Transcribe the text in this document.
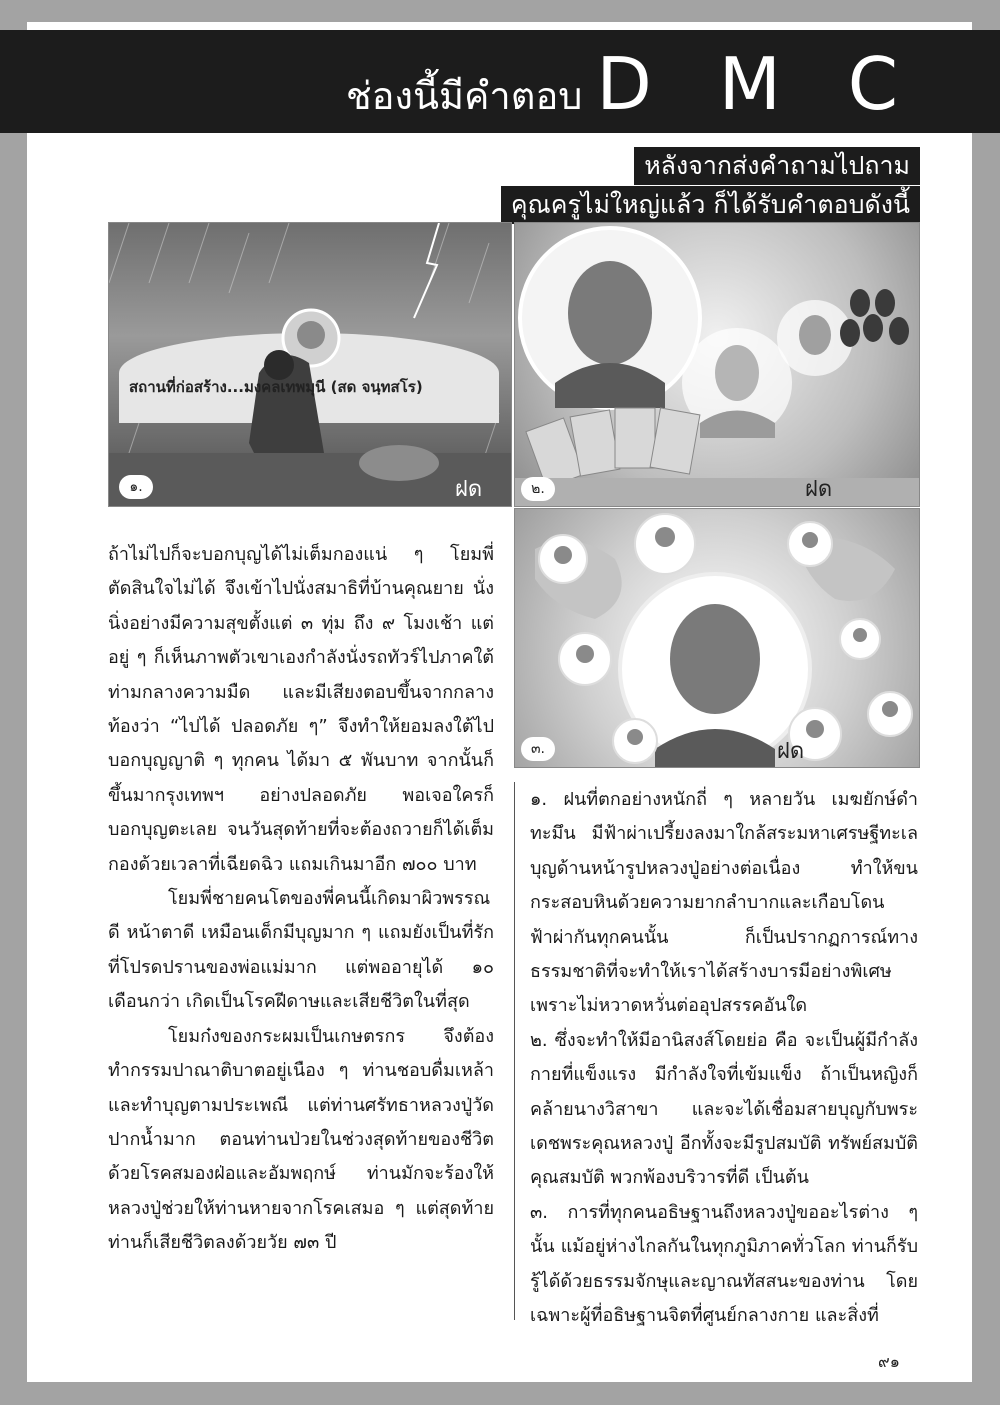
ช่องนี้มีคำตอบ D M C
หลังจากส่งคำถามไปถาม
คุณครูไม่ใหญ่แล้ว ก็ได้รับคำตอบดังนี้
สถานที่ก่อสร้าง...มงคลเทพมุนี (สด จนฺทสโร)
๑.	ฝด	๒.	ฝด
๓.	ฝด

ถ้าไม่ไปก็จะบอกบุญได้ไม่เต็มกองแน่ ๆ โยมพี่ตัดสินใจไม่ได้ จึงเข้าไปนั่งสมาธิที่บ้านคุณยาย นั่งนิ่งอย่างมีความสุขตั้งแต่ ๓ ทุ่ม ถึง ๙ โมงเช้า แต่อยู่ ๆ ก็เห็นภาพตัวเขาเองกำลังนั่งรถทัวร์ไปภาคใต้ท่ามกลางความมืด และมีเสียงตอบขึ้นจากกลางท้องว่า “ไปได้ ปลอดภัย ๆ” จึงทำให้ยอมลงใต้ไปบอกบุญญาติ ๆ ทุกคน ได้มา ๕ พันบาท จากนั้นก็ขึ้นมากรุงเทพฯ อย่างปลอดภัย พอเจอใครก็บอกบุญตะเลย จนวันสุดท้ายที่จะต้องถวายก็ได้เต็มกองด้วยเวลาที่เฉียดฉิว แถมเกินมาอีก ๗๐๐ บาท

โยมพี่ชายคนโตของพี่คนนี้เกิดมาผิวพรรณดี หน้าตาดี เหมือนเด็กมีบุญมาก ๆ แถมยังเป็นที่รักที่โปรดปรานของพ่อแม่มาก แต่พออายุได้ ๑๐ เดือนกว่า เกิดเป็นโรคฝีดาษและเสียชีวิตในที่สุด

โยมก๋งของกระผมเป็นเกษตรกร จึงต้องทำกรรมปาณาติบาตอยู่เนือง ๆ ท่านชอบดื่มเหล้า และทำบุญตามประเพณี แต่ท่านศรัทธาหลวงปู่วัดปากน้ำมาก ตอนท่านป่วยในช่วงสุดท้ายของชีวิตด้วยโรคสมองฝ่อและอัมพฤกษ์ ท่านมักจะร้องให้หลวงปู่ช่วยให้ท่านหายจากโรคเสมอ ๆ แต่สุดท้ายท่านก็เสียชีวิตลงด้วยวัย ๗๓ ปี

๑. ฝนที่ตกอย่างหนักถี่ ๆ หลายวัน เมฆยักษ์ดำทะมึน มีฟ้าผ่าเปรี้ยงลงมาใกล้สระมหาเศรษฐีทะเลบุญด้านหน้ารูปหลวงปู่อย่างต่อเนื่อง ทำให้ขนกระสอบหินด้วยความยากลำบากและเกือบโดนฟ้าผ่ากันทุกคนนั้น ก็เป็นปรากฏการณ์ทางธรรมชาติที่จะทำให้เราได้สร้างบารมีอย่างพิเศษ เพราะไม่หวาดหวั่นต่ออุปสรรคอันใด

๒. ซึ่งจะทำให้มีอานิสงส์โดยย่อ คือ จะเป็นผู้มีกำลังกายที่แข็งแรง มีกำลังใจที่เข้มแข็ง ถ้าเป็นหญิงก็คล้ายนางวิสาขา และจะได้เชื่อมสายบุญกับพระเดชพระคุณหลวงปู่ อีกทั้งจะมีรูปสมบัติ ทรัพย์สมบัติ คุณสมบัติ พวกพ้องบริวารที่ดี เป็นต้น

๓. การที่ทุกคนอธิษฐานถึงหลวงปู่ขออะไรต่าง ๆ นั้น แม้อยู่ห่างไกลกันในทุกภูมิภาคทั่วโลก ท่านก็รับรู้ได้ด้วยธรรมจักษุและญาณทัสสนะของท่าน โดยเฉพาะผู้ที่อธิษฐานจิตที่ศูนย์กลางกาย และสิ่งที่

๙๑
